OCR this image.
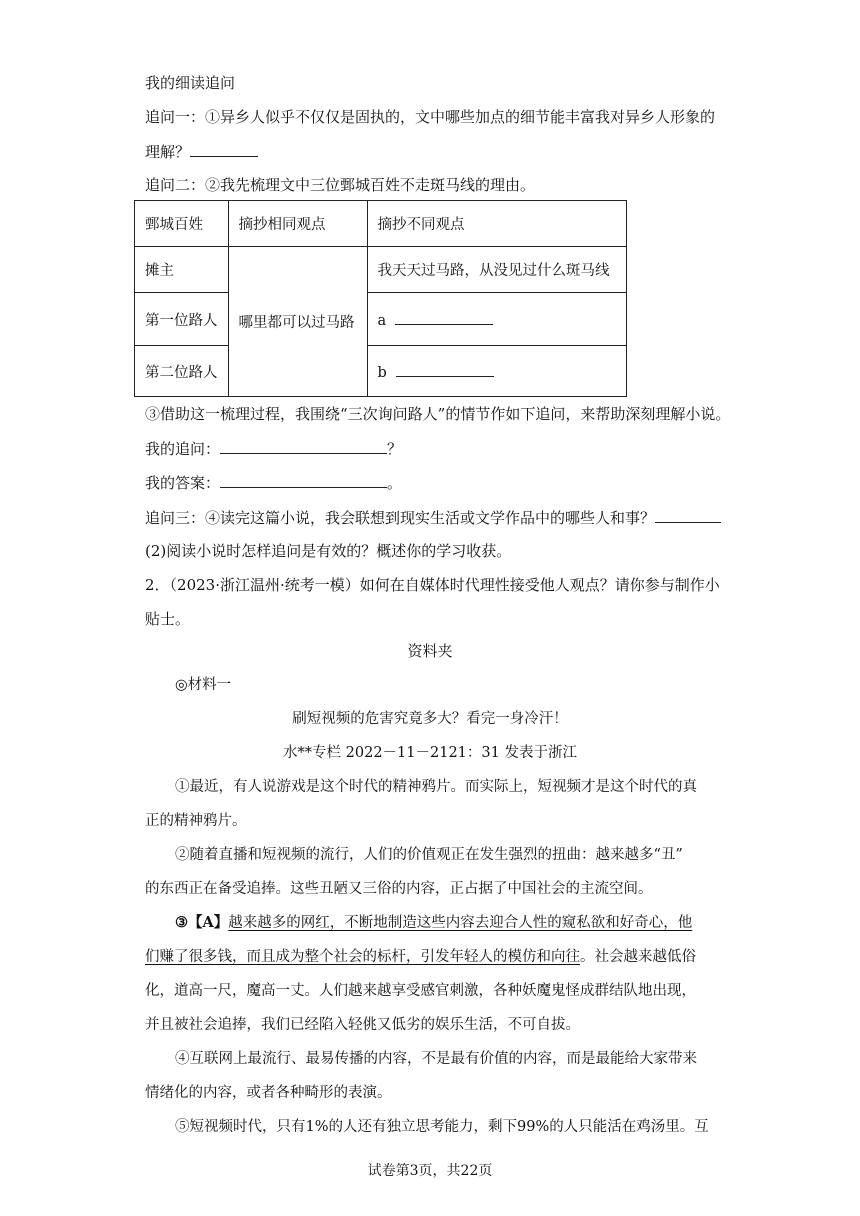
我的细读追问
追问一：①异乡人似乎不仅仅是固执的，文中哪些加点的细节能丰富我对异乡人形象的
理解？
追问二：②我先梳理文中三位鄄城百姓不走斑马线的理由。
鄄城百姓	摘抄相同观点	摘抄不同观点
摊主	哪里都可以过马路	我天天过马路，从没见过什么斑马线
第一位路人		a
第二位路人		b
③借助这一梳理过程，我围绕“三次询问路人”的情节作如下追问，来帮助深刻理解小说。
我的追问：	？
我的答案：	。
追问三：④读完这篇小说，我会联想到现实生活或文学作品中的哪些人和事？
(2)阅读小说时怎样追问是有效的？概述你的学习收获。
2．（2023·浙江温州·统考一模）如何在自媒体时代理性接受他人观点？请你参与制作小
贴士。
资料夹
◎材料一
刷短视频的危害究竟多大？看完一身冷汗！
水**专栏 2022－11－2121：31 发表于浙江
①最近，有人说游戏是这个时代的精神鸦片。而实际上，短视频才是这个时代的真
正的精神鸦片。
②随着直播和短视频的流行，人们的价值观正在发生强烈的扭曲：越来越多“丑”
的东西正在备受追捧。这些丑陋又三俗的内容，正占据了中国社会的主流空间。
③【A】越来越多的网红，不断地制造这些内容去迎合人性的窥私欲和好奇心，他
们赚了很多钱，而且成为整个社会的标杆，引发年轻人的模仿和向往。社会越来越低俗
化，道高一尺，魔高一丈。人们越来越享受感官刺激，各种妖魔鬼怪成群结队地出现，
并且被社会追捧，我们已经陷入轻佻又低劣的娱乐生活，不可自拔。
④互联网上最流行、最易传播的内容，不是最有价值的内容，而是最能给大家带来
情绪化的内容，或者各种畸形的表演。
⑤短视频时代，只有1%的人还有独立思考能力，剩下99%的人只能活在鸡汤里。互
试卷第3页，共22页
